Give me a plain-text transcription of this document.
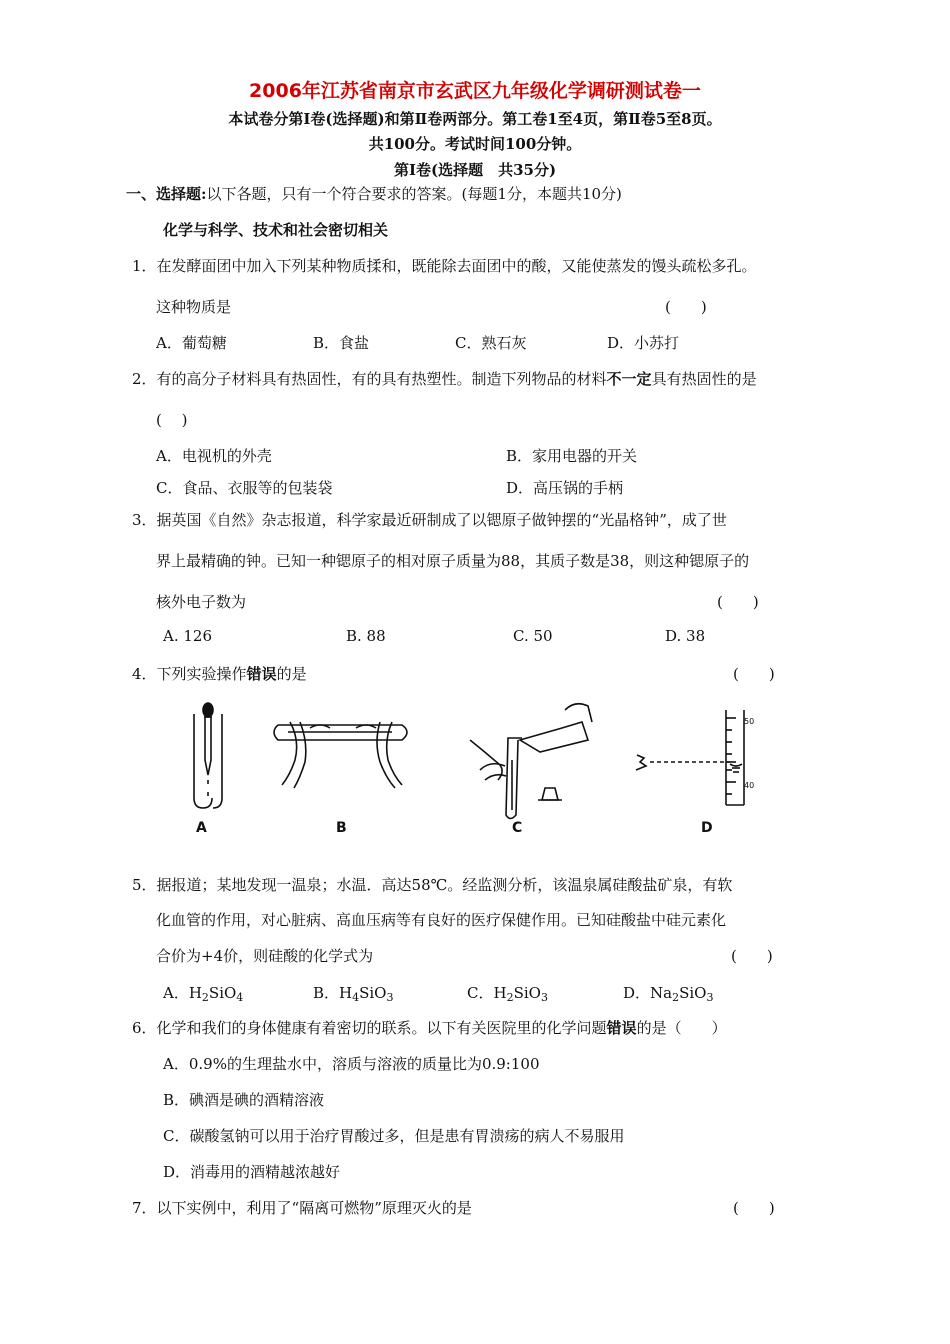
2006年江苏省南京市玄武区九年级化学调研测试卷一
本试卷分第Ⅰ卷(选择题)和第Ⅱ卷两部分。第工卷1至4页，第Ⅱ卷5至8页。
共100分。考试时间100分钟。
第Ⅰ卷(选择题　共35分)
一、选择题:以下各题，只有一个符合要求的答案。(每题1分，本题共10分)
化学与科学、技术和社会密切相关
1．在发酵面团中加入下列某种物质揉和，既能除去面团中的酸，又能使蒸发的馒头疏松多孔。
这种物质是	(　　)
A．葡萄糖	B．食盐	C．熟石灰	D．小苏打
2．有的高分子材料具有热固性，有的具有热塑性。制造下列物品的材料不一定具有热固性的是
(　 )
A．电视机的外壳	B．家用电器的开关
C．食品、衣服等的包装袋	D．高压锅的手柄
3．据英国《自然》杂志报道，科学家最近研制成了以锶原子做钟摆的“光晶格钟”，成了世
界上最精确的钟。已知一种锶原子的相对原子质量为88，其质子数是38，则这种锶原子的
核外电子数为	(　　)
A. 126	B. 88	C. 50	D. 38
4．下列实验操作错误的是	(　　)
50
40
A	B	C	D
5．据报道；某地发现一温泉；水温．高达58℃。经监测分析，该温泉属硅酸盐矿泉，有软
化血管的作用，对心脏病、高血压病等有良好的医疗保健作用。已知硅酸盐中硅元素化
合价为+4价，则硅酸的化学式为	(　　)
A．$H_2SiO_4$	B．$H_4SiO_3$	C．$H_2SiO_3$	D．$Na_2SiO_3$
6．化学和我们的身体健康有着密切的联系。以下有关医院里的化学问题错误的是（　　）
A．0.9%的生理盐水中，溶质与溶液的质量比为0.9:100
B．碘酒是碘的酒精溶液
C．碳酸氢钠可以用于治疗胃酸过多，但是患有胃溃疡的病人不易服用
D．消毒用的酒精越浓越好
7．以下实例中，利用了“隔离可燃物”原理灭火的是	(　　)
